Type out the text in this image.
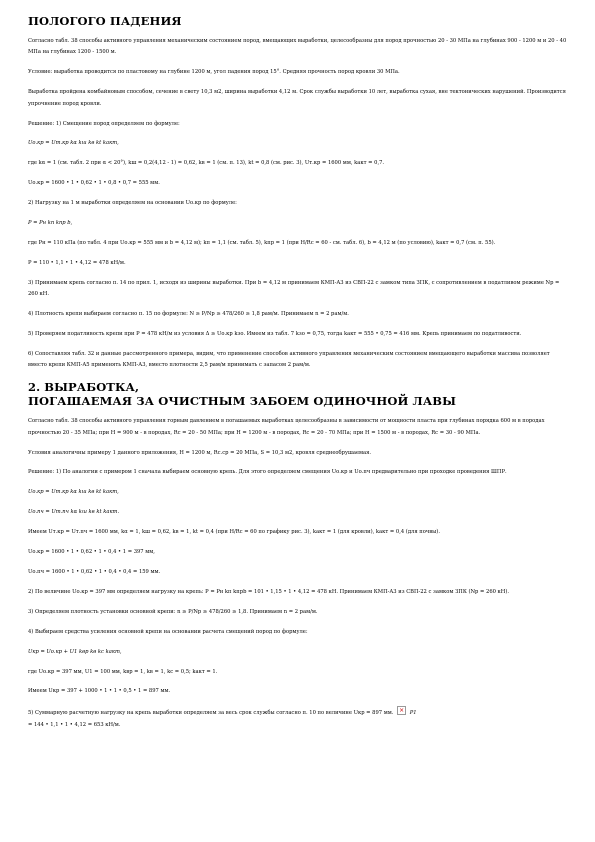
ПОЛОГОГО ПАДЕНИЯ

Согласно табл. 38 способы активного управления механическим состоянием пород, вмещающих выработки, целесообразны для пород прочностью 20 - 30 МПа на глубинах 900 - 1200 м и 20 - 40 МПа на глубинах 1200 - 1500 м.

Условие: выработка проводится по пластовому на глубине 1200 м, угол падения пород 15°. Средняя прочность пород кровли 30 МПа.

Выработка пройдена комбайновым способом, сечение в свету 10,3 м2, ширина выработки 4,12 м. Срок службы выработки 10 лет, выработка сухая, вне тектонических нарушений. Производится упрочнение пород кровли.

Решение: 1) Смещение пород определяем по формуле:

Uо.кр = Uт.кр kα kш kв kt kакт,

где kα = 1 (см. табл. 2 при α < 20°), kш = 0,2(4,12 - 1) = 0,62, kв = 1 (см. п. 13), kt = 0,8 (см. рис. 3), Uт.кр = 1600 мм, kакт = 0,7.

Uо.кр = 1600 • 1 • 0,62 • 1 • 0,8 • 0,7 = 555 мм.

2) Нагрузку на 1 м выработки определяем на основании Uо.кр по формуле:

P = Pн kп kпр b,

где Pн = 110 кПа (по табл. 4 при Uо.кр = 555 мм и b = 4,12 м); kп = 1,1 (см. табл. 5), kпр = 1 (при H/Rс = 60 - см. табл. 6), b = 4,12 м (по условию), kакт = 0,7 (см. п. 55).

P = 110 • 1,1 • 1 • 4,12 = 478 кН/м.

3) Принимаем крепь согласно п. 14 по прил. 1, исходя из ширины выработки. При b = 4,12 м принимаем КМП-А3 из СВП-22 с замком типа ЗПК, с сопротивлением в податливом режиме Nр = 260 кН.

4) Плотность крепи выбираем согласно п. 15 по формуле: N ≥ P/Nр ≥ 478/260 ≥ 1,8 рам/м. Принимаем n = 2 рам/м.

5) Проверяем податливость крепи при P = 478 кН/м из условия Δ ≥ Uо.кр kзо. Имеем из табл. 7 kзо = 0,75, тогда kакт = 555 • 0,75 = 416 мм. Крепь принимаем по податливости.

6) Сопоставляя табл. 32 и данные рассмотренного примера, видим, что применение способов активного управления механическим состоянием вмещающего выработки массива позволяет вместо крепи КМП-А5 применять КМП-А3, вместо плотности 2,5 рам/м принимать с запасом 2 рам/м.

2. ВЫРАБОТКА,
ПОГАШАЕМАЯ ЗА ОЧИСТНЫМ ЗАБОЕМ ОДИНОЧНОЙ ЛАВЫ

Согласно табл. 38 способы активного управления горным давлением в погашаемых выработках целесообразны в зависимости от мощности пласта при глубинах порядка 600 м в породах прочностью 20 - 35 МПа; при H = 900 м - в породах, Rс = 20 - 50 МПа; при H = 1200 м - в породах, Rс = 20 - 70 МПа; при H = 1500 м - в породах, Rс = 30 - 90 МПа.

Условия аналогичны примеру 1 данного приложения, H = 1200 м, Rс.ср = 20 МПа, S = 10,3 м2, кровля среднеобрушаемая.

Решение: 1) По аналогии с примером 1 сначала выбираем основную крепь. Для этого определяем смещения Uо.кр и Uо.пч предварительно при проходке проведения ШПР.

Uо.кр = Uт.кр kα kш kв kt kакт,

Uо.пч = Uт.пч kα kш kв kt kакт.

Имеем Uт.кр = Uт.пч = 1600 мм, kα = 1, kш = 0,62, kв = 1, kt = 0,4 (при H/Rс = 60 по графику рис. 3), kакт = 1 (для кровли), kакт = 0,4 (для почвы).

Uо.кр = 1600 • 1 • 0,62 • 1 • 0,4 • 1 = 397 мм,

Uо.пч = 1600 • 1 • 0,62 • 1 • 0,4 • 0,4 = 159 мм.

2) По величине Uо.кр = 397 мм определяем нагрузку на крепь: P = Pн kп kпрb = 101 • 1,15 • 1 • 4,12 = 478 кН. Принимаем КМП-А3 из СВП-22 с замком ЗПК (Nр = 260 кН).

3) Определяем плотность установки основной крепи: n ≥ P/Nр ≥ 478/260 ≥ 1,8. Принимаем n = 2 рам/м.

4) Выбираем средства усиления основной крепи на основании расчета смещений пород по формуле:

Uкр = Uо.кр + U1 kвр kв kс kакт,

где Uо.кр = 397 мм, U1 = 100 мм, kвр = 1, kв = 1, kс = 0,5; kакт = 1.

Имеем Uкр = 397 + 1000 • 1 • 1 • 0,5 • 1 = 897 мм.

5) Суммарную расчетную нагрузку на крепь выработки определяем за весь срок службы согласно п. 10 по величине Uкр = 897 мм. ×	P1

= 144 • 1,1 • 1 • 4,12 = 653 кН/м.
